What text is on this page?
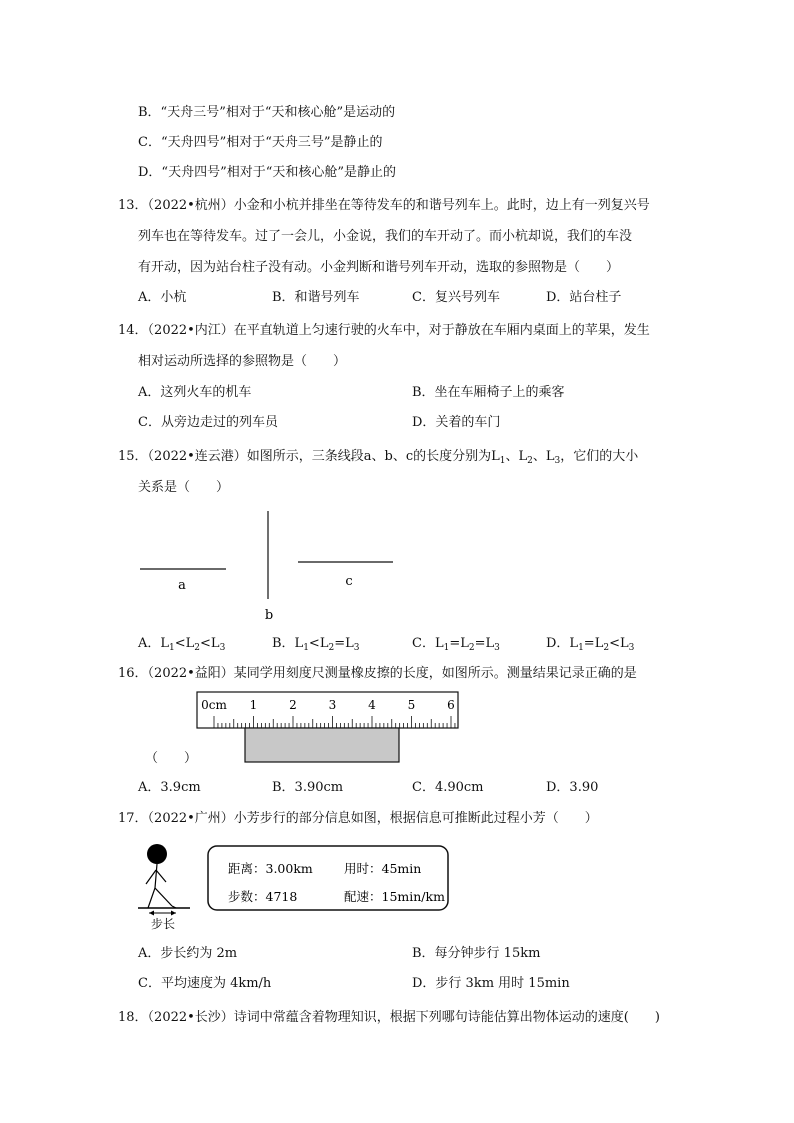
B．“天舟三号”相对于“天和核心舱”是运动的
C．“天舟四号”相对于“天舟三号”是静止的
D．“天舟四号”相对于“天和核心舱”是静止的
13．（2022•杭州）小金和小杭并排坐在等待发车的和谐号列车上。此时，边上有一列复兴号
列车也在等待发车。过了一会儿，小金说，我们的车开动了。而小杭却说，我们的车没
有开动，因为站台柱子没有动。小金判断和谐号列车开动，选取的参照物是（　　）
A．小杭	B．和谐号列车	C．复兴号列车	D．站台柱子
14．（2022•内江）在平直轨道上匀速行驶的火车中，对于静放在车厢内桌面上的苹果，发生
相对运动所选择的参照物是（　　）
A．这列火车的机车	B．坐在车厢椅子上的乘客
C．从旁边走过的列车员	D．关着的车门
15．（2022•连云港）如图所示，三条线段a、b、c的长度分别为$L_1$、$L_2$、$L_3$，它们的大小
关系是（　　）
a
b
c
A．$L_1<L_2<L_3$	B．$L_1<L_2=L_3$	C．$L_1=L_2=L_3$	D．$L_1=L_2<L_3$
16．（2022•益阳）某同学用刻度尺测量橡皮擦的长度，如图所示。测量结果记录正确的是
0cm 1	2	3	4	5	6
（　　）
A．3.9cm	B．3.90cm	C．4.90cm	D．3.90
17．（2022•广州）小芳步行的部分信息如图，根据信息可推断此过程小芳（　　）
步长
距离：3.00km 用时：45min
步数：4718	配速：15min/km
A．步长约为 2m	B．每分钟步行 15km
C．平均速度为 4km/h	D．步行 3km 用时 15min
18．（2022•长沙）诗词中常蕴含着物理知识，根据下列哪句诗能估算出物体运动的速度(　　)
